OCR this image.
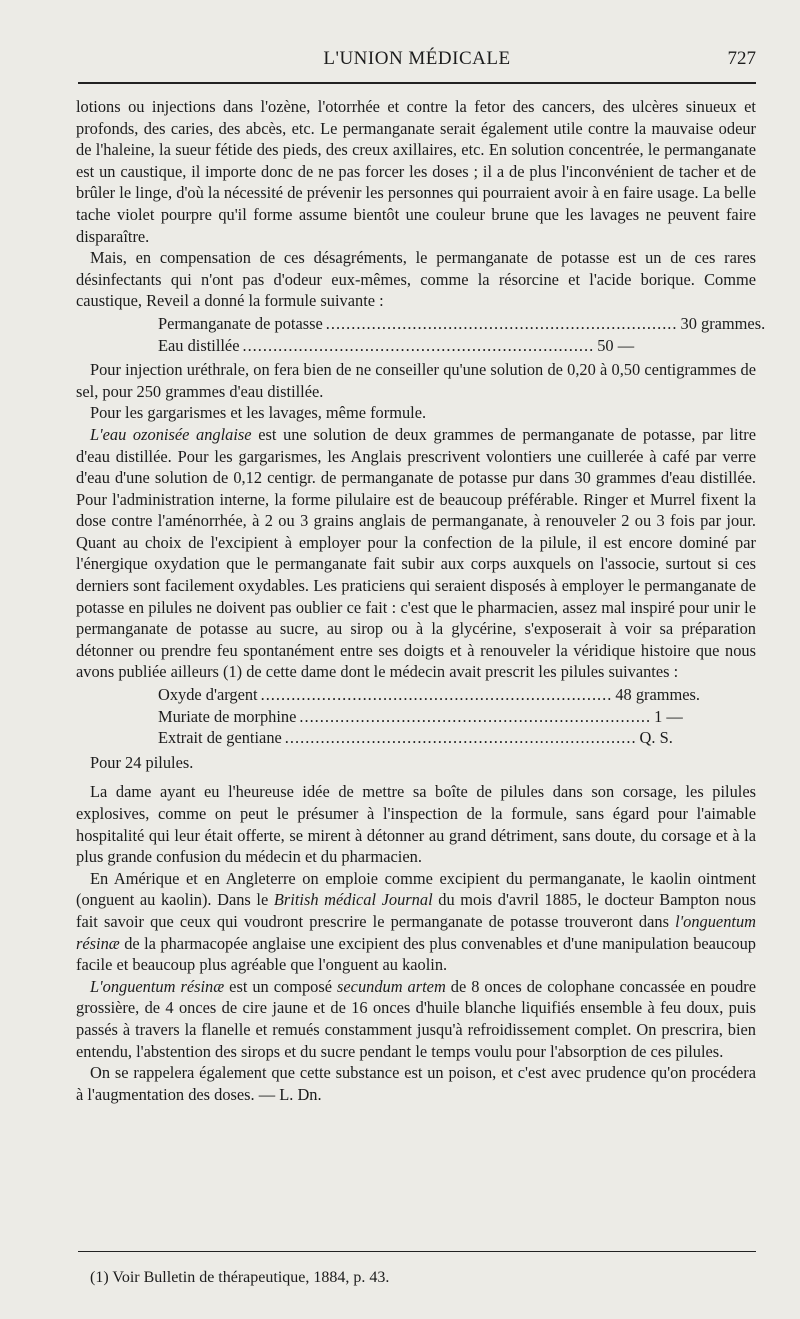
L'UNION MÉDICALE	727

lotions ou injections dans l'ozène, l'otorrhée et contre la fetor des cancers, des ulcères sinueux et profonds, des caries, des abcès, etc. Le permanganate serait également utile contre la mauvaise odeur de l'haleine, la sueur fétide des pieds, des creux axillaires, etc. En solution concentrée, le permanganate est un caustique, il importe donc de ne pas forcer les doses ; il a de plus l'inconvénient de tacher et de brûler le linge, d'où la nécessité de prévenir les personnes qui pourraient avoir à en faire usage. La belle tache violet pourpre qu'il forme assume bientôt une couleur brune que les lavages ne peuvent faire disparaître.

Mais, en compensation de ces désagréments, le permanganate de potasse est un de ces rares désinfectants qui n'ont pas d'odeur eux-mêmes, comme la résorcine et l'acide borique. Comme caustique, Reveil a donné la formule suivante :

Permanganate de potasse ..................................................................... 30 grammes.
Eau distillée ..................................................................... 50 —

Pour injection uréthrale, on fera bien de ne conseiller qu'une solution de 0,20 à 0,50 centigrammes de sel, pour 250 grammes d'eau distillée.

Pour les gargarismes et les lavages, même formule.

L'eau ozonisée anglaise est une solution de deux grammes de permanganate de potasse, par litre d'eau distillée. Pour les gargarismes, les Anglais prescrivent volontiers une cuillerée à café par verre d'eau d'une solution de 0,12 centigr. de permanganate de potasse pur dans 30 grammes d'eau distillée. Pour l'administration interne, la forme pilulaire est de beaucoup préférable. Ringer et Murrel fixent la dose contre l'aménorrhée, à 2 ou 3 grains anglais de permanganate, à renouveler 2 ou 3 fois par jour. Quant au choix de l'excipient à employer pour la confection de la pilule, il est encore dominé par l'énergique oxydation que le permanganate fait subir aux corps auxquels on l'associe, surtout si ces derniers sont facilement oxydables. Les praticiens qui seraient disposés à employer le permanganate de potasse en pilules ne doivent pas oublier ce fait : c'est que le pharmacien, assez mal inspiré pour unir le permanganate de potasse au sucre, au sirop ou à la glycérine, s'exposerait à voir sa préparation détonner ou prendre feu spontanément entre ses doigts et à renouveler la véridique histoire que nous avons publiée ailleurs (1) de cette dame dont le médecin avait prescrit les pilules suivantes :

Oxyde d'argent ..................................................................... 48 grammes.
Muriate de morphine ..................................................................... 1 —
Extrait de gentiane ..................................................................... Q. S.

Pour 24 pilules.

La dame ayant eu l'heureuse idée de mettre sa boîte de pilules dans son corsage, les pilules explosives, comme on peut le présumer à l'inspection de la formule, sans égard pour l'aimable hospitalité qui leur était offerte, se mirent à détonner au grand détriment, sans doute, du corsage et à la plus grande confusion du médecin et du pharmacien.

En Amérique et en Angleterre on emploie comme excipient du permanganate, le kaolin ointment (onguent au kaolin). Dans le British médical Journal du mois d'avril 1885, le docteur Bampton nous fait savoir que ceux qui voudront prescrire le permanganate de potasse trouveront dans l'onguentum résinæ de la pharmacopée anglaise une excipient des plus convenables et d'une manipulation beaucoup facile et beaucoup plus agréable que l'onguent au kaolin.

L'onguentum résinæ est un composé secundum artem de 8 onces de colophane concassée en poudre grossière, de 4 onces de cire jaune et de 16 onces d'huile blanche liquifiés ensemble à feu doux, puis passés à travers la flanelle et remués constamment jusqu'à refroidissement complet. On prescrira, bien entendu, l'abstention des sirops et du sucre pendant le temps voulu pour l'absorption de ces pilules.

On se rappelera également que cette substance est un poison, et c'est avec prudence qu'on procédera à l'augmentation des doses. — L. Dn.

(1) Voir Bulletin de thérapeutique, 1884, p. 43.
